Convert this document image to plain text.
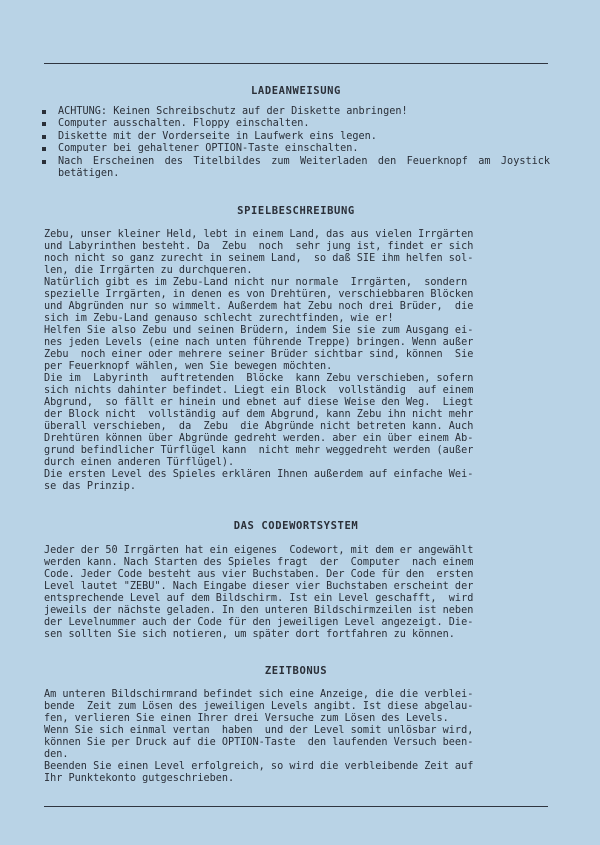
LADEANWEISUNG
ACHTUNG: Keinen Schreibschutz auf der Diskette anbringen!
Computer ausschalten. Floppy einschalten.
Diskette mit der Vorderseite in Laufwerk eins legen.
Computer bei gehaltener OPTION-Taste einschalten.
Nach Erscheinen des Titelbildes zum Weiterladen den Feuerknopf am Joystick betätigen.
SPIELBESCHREIBUNG
Zebu, unser kleiner Held, lebt in einem Land, das aus vielen Irrgärten
und Labyrinthen besteht. Da  Zebu  noch  sehr jung ist, findet er sich
noch nicht so ganz zurecht in seinem Land,  so daß SIE ihm helfen sol-
len, die Irrgärten zu durchqueren.
Natürlich gibt es im Zebu-Land nicht nur normale  Irrgärten,  sondern
spezielle Irrgärten, in denen es von Drehtüren, verschiebbaren Blöcken
und Abgründen nur so wimmelt. Außerdem hat Zebu noch drei Brüder,  die
sich im Zebu-Land genauso schlecht zurechtfinden, wie er!
Helfen Sie also Zebu und seinen Brüdern, indem Sie sie zum Ausgang ei-
nes jeden Levels (eine nach unten führende Treppe) bringen. Wenn außer
Zebu  noch einer oder mehrere seiner Brüder sichtbar sind, können  Sie
per Feuerknopf wählen, wen Sie bewegen möchten.
Die im  Labyrinth  auftretenden  Blöcke  kann Zebu verschieben, sofern
sich nichts dahinter befindet. Liegt ein Block  vollständig  auf einem
Abgrund,  so fällt er hinein und ebnet auf diese Weise den Weg.  Liegt
der Block nicht  vollständig auf dem Abgrund, kann Zebu ihn nicht mehr
überall verschieben,  da  Zebu  die Abgründe nicht betreten kann. Auch
Drehtüren können über Abgründe gedreht werden. aber ein über einem Ab-
grund befindlicher Türflügel kann  nicht mehr weggedreht werden (außer
durch einen anderen Türflügel).
Die ersten Level des Spieles erklären Ihnen außerdem auf einfache Wei-
se das Prinzip.
DAS CODEWORTSYSTEM
Jeder der 50 Irrgärten hat ein eigenes  Codewort, mit dem er angewählt
werden kann. Nach Starten des Spieles fragt  der  Computer  nach einem
Code. Jeder Code besteht aus vier Buchstaben. Der Code für den  ersten
Level lautet "ZEBU". Nach Eingabe dieser vier Buchstaben erscheint der
entsprechende Level auf dem Bildschirm. Ist ein Level geschafft,  wird
jeweils der nächste geladen. In den unteren Bildschirmzeilen ist neben
der Levelnummer auch der Code für den jeweiligen Level angezeigt. Die-
sen sollten Sie sich notieren, um später dort fortfahren zu können.
ZEITBONUS
Am unteren Bildschirmrand befindet sich eine Anzeige, die die verblei-
bende  Zeit zum Lösen des jeweiligen Levels angibt. Ist diese abgelau-
fen, verlieren Sie einen Ihrer drei Versuche zum Lösen des Levels.
Wenn Sie sich einmal vertan  haben  und der Level somit unlösbar wird,
können Sie per Druck auf die OPTION-Taste  den laufenden Versuch been-
den.
Beenden Sie einen Level erfolgreich, so wird die verbleibende Zeit auf
Ihr Punktekonto gutgeschrieben.
